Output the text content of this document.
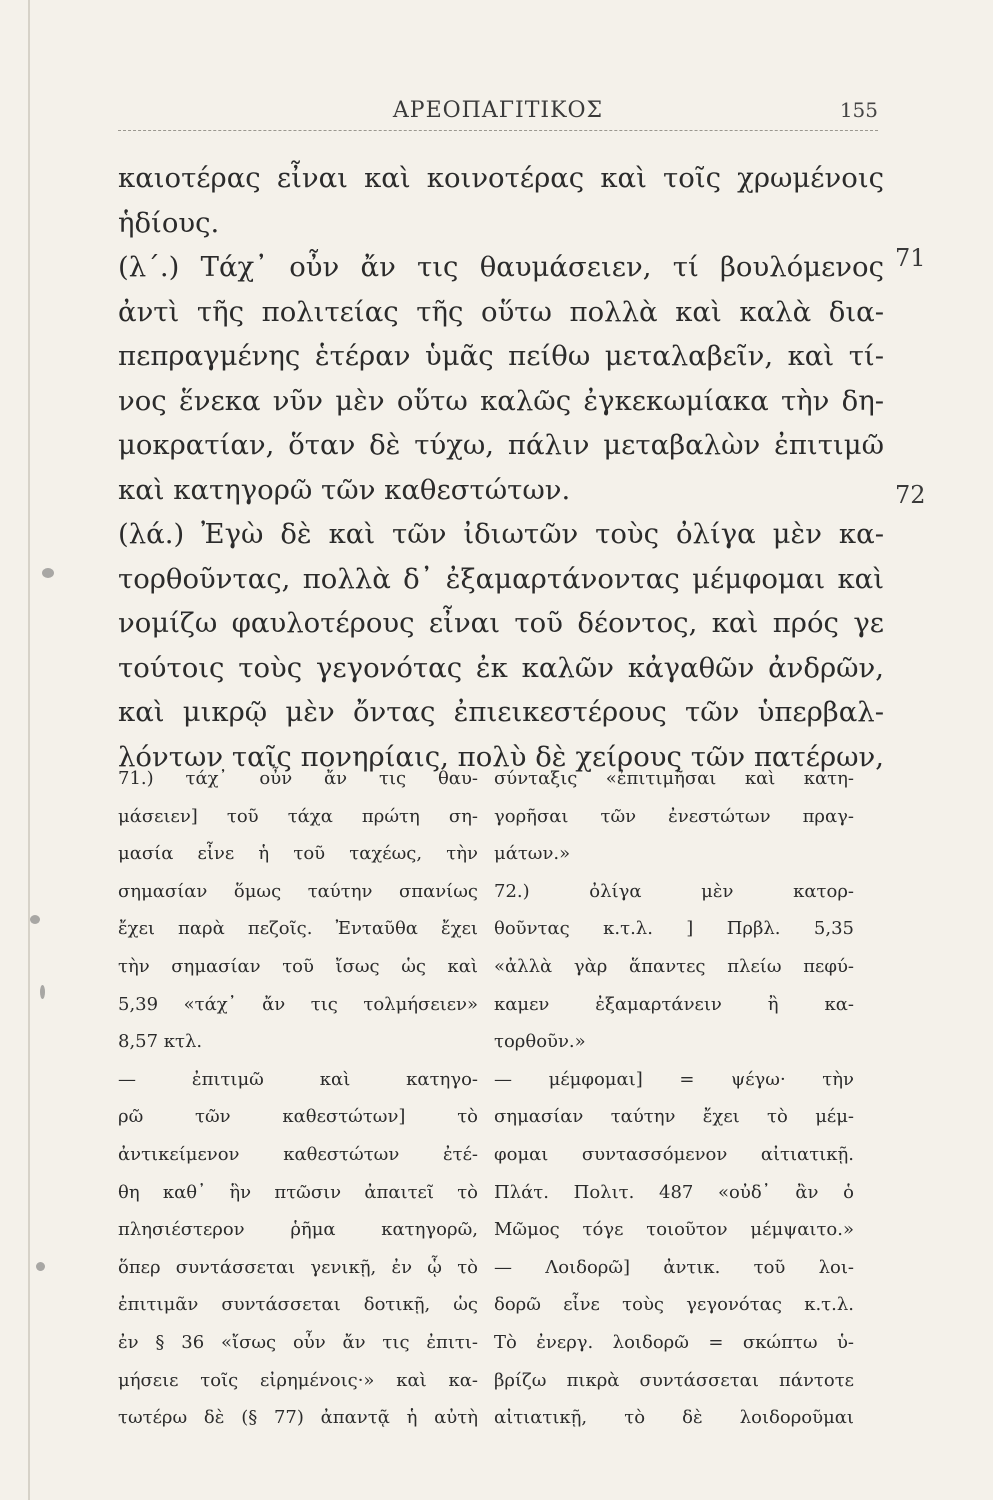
ΑΡΕΟΠΑΓΙΤΙΚΟΣ	155
καιοτέρας εἶναι καὶ κοινοτέρας καὶ τοῖς χρωμένοις
ἡδίους.
(λ΄.) Τάχ᾽ οὖν ἄν τις θαυμάσειεν, τί βουλόμενος
ἀντὶ τῆς πολιτείας τῆς οὕτω πολλὰ καὶ καλὰ δια-
πεπραγμένης ἑτέραν ὑμᾶς πείθω μεταλαβεῖν, καὶ τί-
νος ἕνεκα νῦν μὲν οὕτω καλῶς ἐγκεκωμίακα τὴν δη-
μοκρατίαν, ὅταν δὲ τύχω, πάλιν μεταβαλὼν ἐπιτιμῶ
καὶ κατηγορῶ τῶν καθεστώτων.
(λά.) Ἐγὼ δὲ καὶ τῶν ἰδιωτῶν τοὺς ὀλίγα μὲν κα-
τορθοῦντας, πολλὰ δ᾽ ἐξαμαρτάνοντας μέμφομαι καὶ
νομίζω φαυλοτέρους εἶναι τοῦ δέοντος, καὶ πρός γε
τούτοις τοὺς γεγονότας ἐκ καλῶν κἀγαθῶν ἀνδρῶν,
καὶ μικρῷ μὲν ὄντας ἐπιεικεστέρους τῶν ὑπερβαλ-
λόντων ταῖς πονηρίαις, πολὺ δὲ χείρους τῶν πατέρων,
71
72
71.) τάχ᾽ οὖν ἄν τις θαυ-
μάσειεν] τοῦ τάχα πρώτη ση-
μασία εἶνε ἡ τοῦ ταχέως, τὴν
σημασίαν ὅμως ταύτην σπανίως
ἔχει παρὰ πεζοῖς. Ἐνταῦθα ἔχει
τὴν σημασίαν τοῦ ἴσως ὡς καὶ
5,39 «τάχ᾽ ἄν τις τολμήσειεν»
8,57 κτλ.
— ἐπιτιμῶ καὶ κατηγο-
ρῶ τῶν καθεστώτων] τὸ
ἀντικείμενον καθεστώτων ἐτέ-
θη καθ᾽ ἣν πτῶσιν ἀπαιτεῖ τὸ
πλησιέστερον ῥῆμα κατηγορῶ,
ὅπερ συντάσσεται γενικῇ, ἐν ᾧ τὸ
ἐπιτιμᾶν συντάσσεται δοτικῇ, ὡς
ἐν § 36 «ἴσως οὖν ἄν τις ἐπιτι-
μήσειε τοῖς εἰρημένοις·» καὶ κα-
τωτέρω δὲ (§ 77) ἀπαντᾷ ἡ αὐτὴ
σύνταξις «ἐπιτιμῆσαι καὶ κατη-
γορῆσαι τῶν ἐνεστώτων πραγ-
μάτων.»
72.) ὀλίγα μὲν κατορ-
θοῦντας κ.τ.λ. ] Πρβλ. 5,35
«ἀλλὰ γὰρ ἅπαντες πλείω πεφύ-
καμεν ἐξαμαρτάνειν ἢ κα-
τορθοῦν.»
— μέμφομαι] = ψέγω· τὴν
σημασίαν ταύτην ἔχει τὸ μέμ-
φομαι συντασσόμενον αἰτιατικῇ.
Πλάτ. Πολιτ. 487 «οὐδ᾽ ἂν ὁ
Μῶμος τόγε τοιοῦτον μέμψαιτο.»
— Λοιδορῶ] ἀντικ. τοῦ λοι-
δορῶ εἶνε τοὺς γεγονότας κ.τ.λ.
Τὸ ἐνεργ. λοιδορῶ = σκώπτω ὑ-
βρίζω πικρὰ συντάσσεται πάντοτε
αἰτιατικῇ, τὸ δὲ λοιδοροῦμαι
